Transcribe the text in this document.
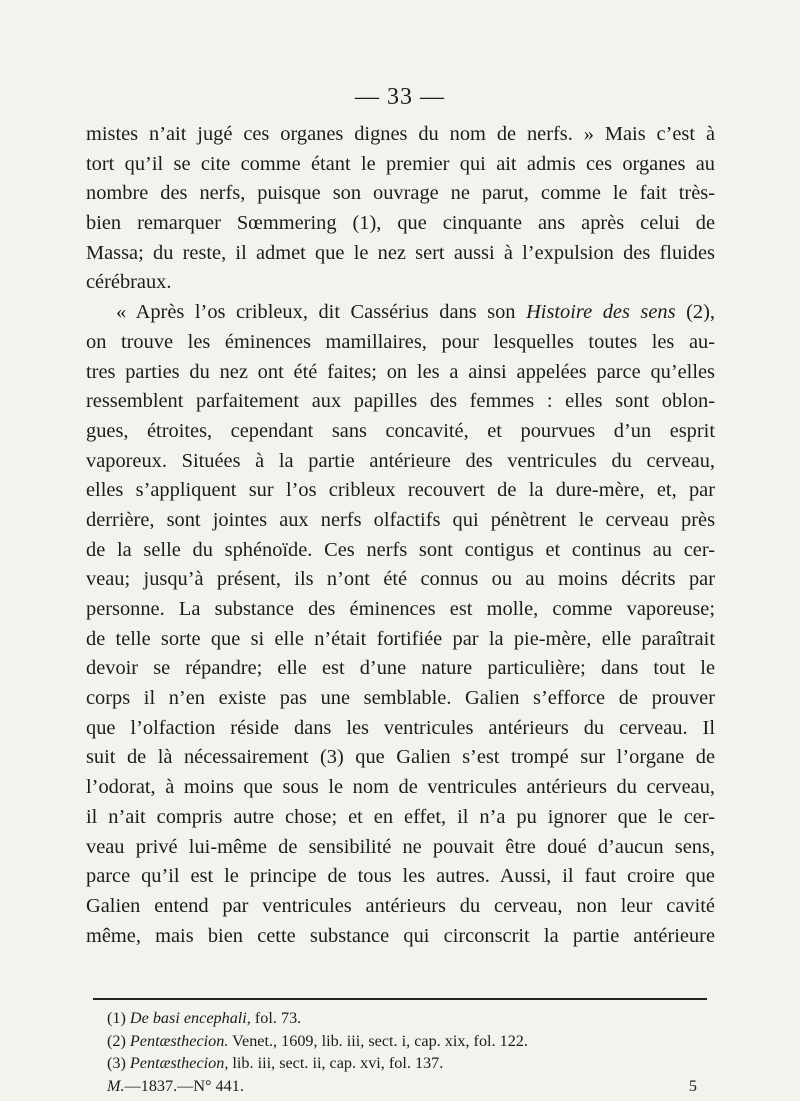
— 33 —
mistes n’ait jugé ces organes dignes du nom de nerfs. » Mais c’est à
tort qu’il se cite comme étant le premier qui ait admis ces organes au
nombre des nerfs, puisque son ouvrage ne parut, comme le fait très-
bien remarquer Sœmmering (1), que cinquante ans après celui de
Massa; du reste, il admet que le nez sert aussi à l’expulsion des fluides
cérébraux.
« Après l’os cribleux, dit Cassérius dans son Histoire des sens (2),
on trouve les éminences mamillaires, pour lesquelles toutes les au-
tres parties du nez ont été faites; on les a ainsi appelées parce qu’elles
ressemblent parfaitement aux papilles des femmes : elles sont oblon-
gues, étroites, cependant sans concavité, et pourvues d’un esprit
vaporeux. Situées à la partie antérieure des ventricules du cerveau,
elles s’appliquent sur l’os cribleux recouvert de la dure-mère, et, par
derrière, sont jointes aux nerfs olfactifs qui pénètrent le cerveau près
de la selle du sphénoïde. Ces nerfs sont contigus et continus au cer-
veau; jusqu’à présent, ils n’ont été connus ou au moins décrits par
personne. La substance des éminences est molle, comme vaporeuse;
de telle sorte que si elle n’était fortifiée par la pie-mère, elle paraîtrait
devoir se répandre; elle est d’une nature particulière; dans tout le
corps il n’en existe pas une semblable. Galien s’efforce de prouver
que l’olfaction réside dans les ventricules antérieurs du cerveau. Il
suit de là nécessairement (3) que Galien s’est trompé sur l’organe de
l’odorat, à moins que sous le nom de ventricules antérieurs du cerveau,
il n’ait compris autre chose; et en effet, il n’a pu ignorer que le cer-
veau privé lui-même de sensibilité ne pouvait être doué d’aucun sens,
parce qu’il est le principe de tous les autres. Aussi, il faut croire que
Galien entend par ventricules antérieurs du cerveau, non leur cavité
même, mais bien cette substance qui circonscrit la partie antérieure
(1) De basi encephali, fol. 73.
(2) Pentæsthecion. Venet., 1609, lib. iii, sect. i, cap. xix, fol. 122.
(3) Pentæsthecion, lib. iii, sect. ii, cap. xvi, fol. 137.
M.—1837.—N° 441.	5
